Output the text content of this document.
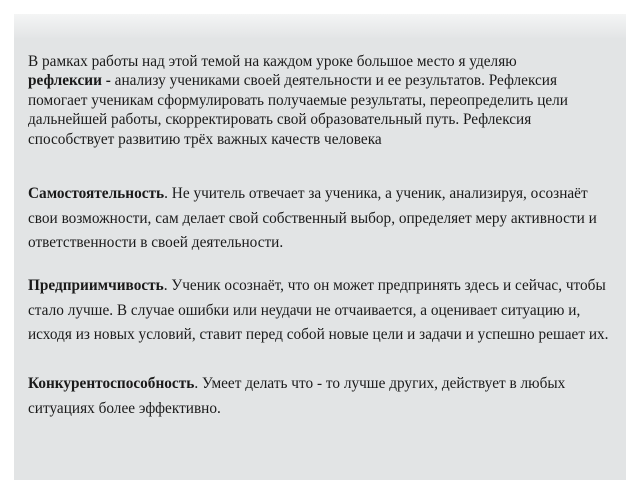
В рамках работы над этой темой на каждом уроке большое место я уделяю рефлексии - анализу учениками своей деятельности и ее результатов. Рефлексия помогает ученикам сформулировать получаемые результаты, переопределить цели дальнейшей работы, скорректировать свой образовательный путь. Рефлексия способствует развитию трёх важных качеств человека

Самостоятельность. Не учитель отвечает за ученика, а ученик, анализируя, осознаёт свои возможности, сам делает свой собственный выбор, определяет меру активности и ответственности в своей деятельности.

Предприимчивость. Ученик осознаёт, что он может предпринять здесь и сейчас, чтобы стало лучше. В случае ошибки или неудачи не отчаивается, а оценивает ситуацию и, исходя из новых условий, ставит перед собой новые цели и задачи и успешно решает их.

Конкурентоспособность. Умеет делать что - то лучше других, действует в любых ситуациях более эффективно.
